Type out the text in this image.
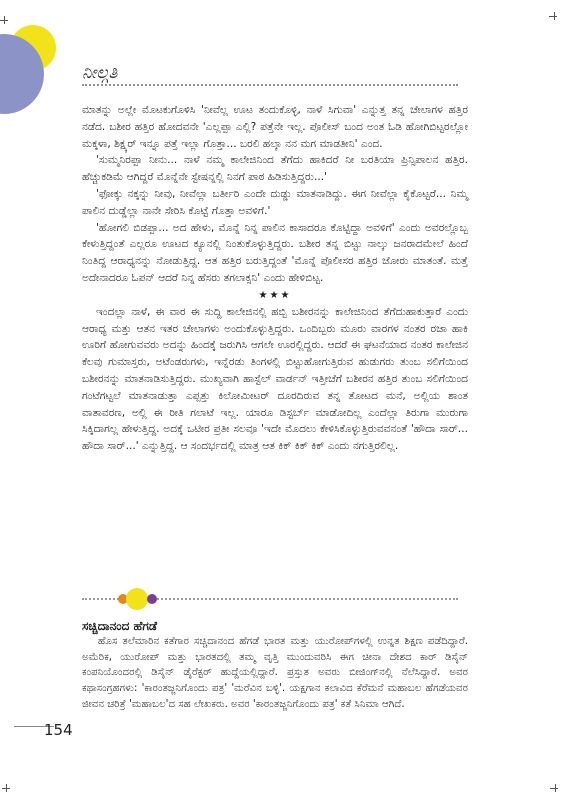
ನೀಲ್ಗತಿ

ಮಾತನ್ನು ಅಲ್ಲೇ ಮೊಟಕುಗೊಳಿಸಿ 'ನೀವೆಲ್ಲ ಊಟ ತಂದುಕೊಳ್ಳಿ, ನಾಳೆ ಸಿಗುವಾ' ಎನ್ನುತ್ತ ತನ್ನ ಚೇಲಾಗಳ ಹತ್ತಿರ ನಡೆದ. ಬಶೀರ ಹತ್ತಿರ ಹೋದವನೇ 'ಎಲ್ಲಪ್ಪಾ ಎಲ್ಲಿ? ಪತ್ತೆನೇ ಇಲ್ಲ. ಪೊಲೀಸ್ ಬಂದ ಅಂತ ಓಡಿ ಹೋಗಿಬಿಟ್ಟರಲ್ಲೋ ಮಕ್ಕಳಾ, ಶಿಕ್ಷ್ಕರ್ ಇನ್ನೂ ಪತ್ತೆ ಇಲ್ಲಾ ಗೊತ್ತಾ... ಬರಲಿ ಹಲ್ಕಾ ನನ ಮಗ ಮಾಡತೀನಿ' ಎಂದ.

'ಸುಮ್ಮನಿರಪ್ಪಾ ನೀನು... ನಾಳೆ ನಮ್ಮ ಕಾಲೇಜಿನಿಂದ ತೆಗೆದು ಹಾಕಿದರೆ ನೀ ಬರತಿಯಾ ಪ್ರಿನ್ಸಿಪಾಲನ ಹತ್ತಿರ. ಹೆಚ್ಚುಕಡಿಮೆ ಆಗಿದ್ದರೆ ಮೊನ್ನೆನೇ ಸ್ಟೇಷನ್ನಲ್ಲಿ ನಿನಗೆ ಪಾಠ ಹಿಡಿಸುತ್ತಿದ್ದರು...'

'ಫೋಕ್ಕು ನಕ್ಕನ್ನು ನೀವು, ನೀವೆಲ್ಲಾ ಬರ್ತೀರಿ ಎಂದೇ ದುಡ್ಡು ಮಾತನಾಡಿದ್ದು. ಈಗ ನೀವೆಲ್ಲಾ ಕೈಕೊಟ್ಟರೆ... ನಿಮ್ಮ ಪಾಲಿನ ದುಡ್ಡೆಲ್ಲಾ ನಾನೇ ಸೇರಿಸಿ ಕೊಟ್ಟೆ ಗೊತ್ತಾ ಅವಳಿಗೆ.'

'ಹೋಗಲಿ ಬಿಡಪ್ಪಾ... ಅದ ಹೇಳು, ಮೊನ್ನೆ ನಿನ್ನ ಪಾಲಿನ ಕಾಸಾದರೂ ಕೊಟ್ಟಿದ್ದಾ ಅವಳಿಗೆ' ಎಂದು ಅವರಲ್ಲೊಬ್ಬ ಕೇಳುತ್ತಿದ್ದಂತೆ ಎಲ್ಲರೂ ಊಟದ ಕ್ಯೂನಲ್ಲಿ ನಿಂತುಕೊಳ್ಳುತ್ತಿದ್ದರು. ಬಶೀರ ತನ್ನ ಬಿಟ್ಟು ನಾಲ್ಕು ಜನರಾದಮೇಲೆ ಹಿಂದೆ ನಿಂತಿದ್ದ ಆರಾಧ್ಯನನ್ನು ನೋಡುತ್ತಿದ್ದ. ಆತ ಹತ್ತಿರ ಬರುತ್ತಿದ್ದಂತೆ 'ಮೊನ್ನೆ ಪೊಲೀಸರ ಹತ್ತಿರ ಜೋರು ಮಾತಂತೆ. ಮತ್ತೆ ಅದೇನಾದರೂ ಓಪನ್ ಆದರೆ ನಿನ್ನ ಹೆಸರು ತಗಲಾಕ್ಸನಿ' ಎಂದು ಹೇಳಿಬಿಟ್ಟ.

★★★

ಇಂದಲ್ಲಾ ನಾಳೆ, ಈ ವಾರ ಈ ಸುದ್ದಿ ಕಾಲೇಜಿನಲ್ಲಿ ಹಬ್ಬಿ ಬಶೀರನನ್ನು ಕಾಲೇಜಿನಿಂದ ತೆಗೆದುಹಾಕುತ್ತಾರೆ ಎಂದು ಆರಾಧ್ಯ ಮತ್ತು ಆತನ ಇತರ ಚೇಲಾಗಳು ಅಂದುಕೊಳ್ಳುತ್ತಿದ್ದರು. ಒಂದಿಬ್ಬರು ಮೂರು ವಾರಗಳ ನಂತರ ರಜಾ ಹಾಕಿ ಊರಿಗೆ ಹೋಗುವವರು ಅದನ್ನು ಹಿಂದಕ್ಕೆ ಜರುಗಿಸಿ ಆಗಲೇ ಊರಲ್ಲಿದ್ದರು. ಆದರೆ ಈ ಘಟನೆಯಾದ ನಂತರ ಕಾಲೇಜಿನ ಕೆಲವು ಗುಮಾಸ್ತರು, ಅಟೆಂಡರುಗಳು, ಇನ್ನೆರಡು ತಿಂಗಳಲ್ಲಿ ಬಿಟ್ಟುಹೋಗುತ್ತಿರುವ ಹುಡುಗರು ತುಂಬ ಸಲಿಗೆಯಿಂದ ಬಶೀರನನ್ನು ಮಾತನಾಡಿಸುತ್ತಿದ್ದರು. ಮುಖ್ಯವಾಗಿ ಹಾಸ್ಟೆಲ್ ವಾರ್ಡನ್ ಇತ್ತೀಚೆಗೆ ಬಶೀರನ ಹತ್ತಿರ ತುಂಬ ಸಲಿಗೆಯಿಂದ ಗಂಟೆಗಟ್ಟಲೆ ಮಾತನಾಡುತ್ತಾ ಎಪ್ಪತ್ತು ಕಿಲೋಮೀಟರ್ ದೂರದಿರುವ ತನ್ನ ತೋಟದ ಮನೆ, ಅಲ್ಲಿಯ ಶಾಂತ ವಾತಾವರಣ, ಅಲ್ಲಿ ಈ ರೀತಿ ಗಲಾಟೆ ಇಲ್ಲ. ಯಾರೂ ಡಿಸ್ಟರ್ಬ್ ಮಾಡೋದಿಲ್ಲ ಎಂದೆಲ್ಲಾ ತಿರುಗಾ ಮುರುಗಾ ಸಿಕ್ಕಿದಾಗಲ್ಲ ಹೇಳುತ್ತಿದ್ದ. ಅದಕ್ಕೆ ಒಟೀರ ಪ್ರತೀ ಸಲವೂ 'ಇದೇ ಮೊದಲು ಕೇಳಿಸಿಕೊಳ್ಳುತ್ತಿರುವವನಂತೆ 'ಹೌದಾ ಸಾರ್... ಹೌದಾ ಸಾರ್...' ಎನ್ನುತ್ತಿದ್ದ. ಆ ಸಂದರ್ಭದಲ್ಲಿ ಮಾತ್ರ ಆತ ಕಿಕ್ ಕಿಕ್ ಕಿಕ್ ಎಂದು ನಗುತ್ತಿರಲಿಲ್ಲ.

ಸಚ್ಚಿದಾನಂದ ಹೆಗಡೆ

ಹೊಸ ತಲೆಮಾರಿನ ಕತೆಗಾರ ಸಚ್ಚಿದಾನಂದ ಹೆಗಡೆ ಭಾರತ ಮತ್ತು ಯುರೋಪ್‌ಗಳಲ್ಲಿ ಉನ್ನತ ಶಿಕ್ಷಣ ಪಡೆದಿದ್ದಾರೆ. ಅಮೆರಿಕ, ಯುರೋಪ್ ಮತ್ತು ಭಾರತದಲ್ಲಿ ತಮ್ಮ ವೃತ್ತಿ ಮುಂದುವರಿಸಿ ಈಗ ಚೀನಾ ದೇಶದ ಕಾರ್ ಡಿಸೈನ್ ಕಂಪನಿಯೊಂದರಲ್ಲಿ ಡಿಸೈನ್ ಡೈರೆಕ್ಟರ್ ಹುದ್ದೆಯಲ್ಲಿದ್ದಾರೆ. ಪ್ರಸ್ತುತ ಅವರು ಬೀಜಿಂಗ್‌ನಲ್ಲಿ ನೆಲೆಸಿದ್ದಾರೆ. ಅವರ ಕಥಾಸಂಗ್ರಹಗಳು: 'ಕಾರಂತಜ್ಜನಿಗೊಂದು ಪತ್ರ' 'ಮರೆವಿನ ಬಳ್ಳಿ'. ಯಕ್ಷಗಾನ ಕಲಾವಿದ ಕೆರೆಮನೆ ಮಹಾಬಲ ಹೆಗಡೆಯವರ ಜೀವನ ಚರಿತ್ರೆ 'ಮಹಾಬಲ'ದ ಸಹ ಲೇಖಕರು. ಅವರ 'ಕಾರಂತಜ್ಜನಿಗೊಂದು ಪತ್ರ' ಕತೆ ಸಿನಿಮಾ ಆಗಿದೆ.

154
